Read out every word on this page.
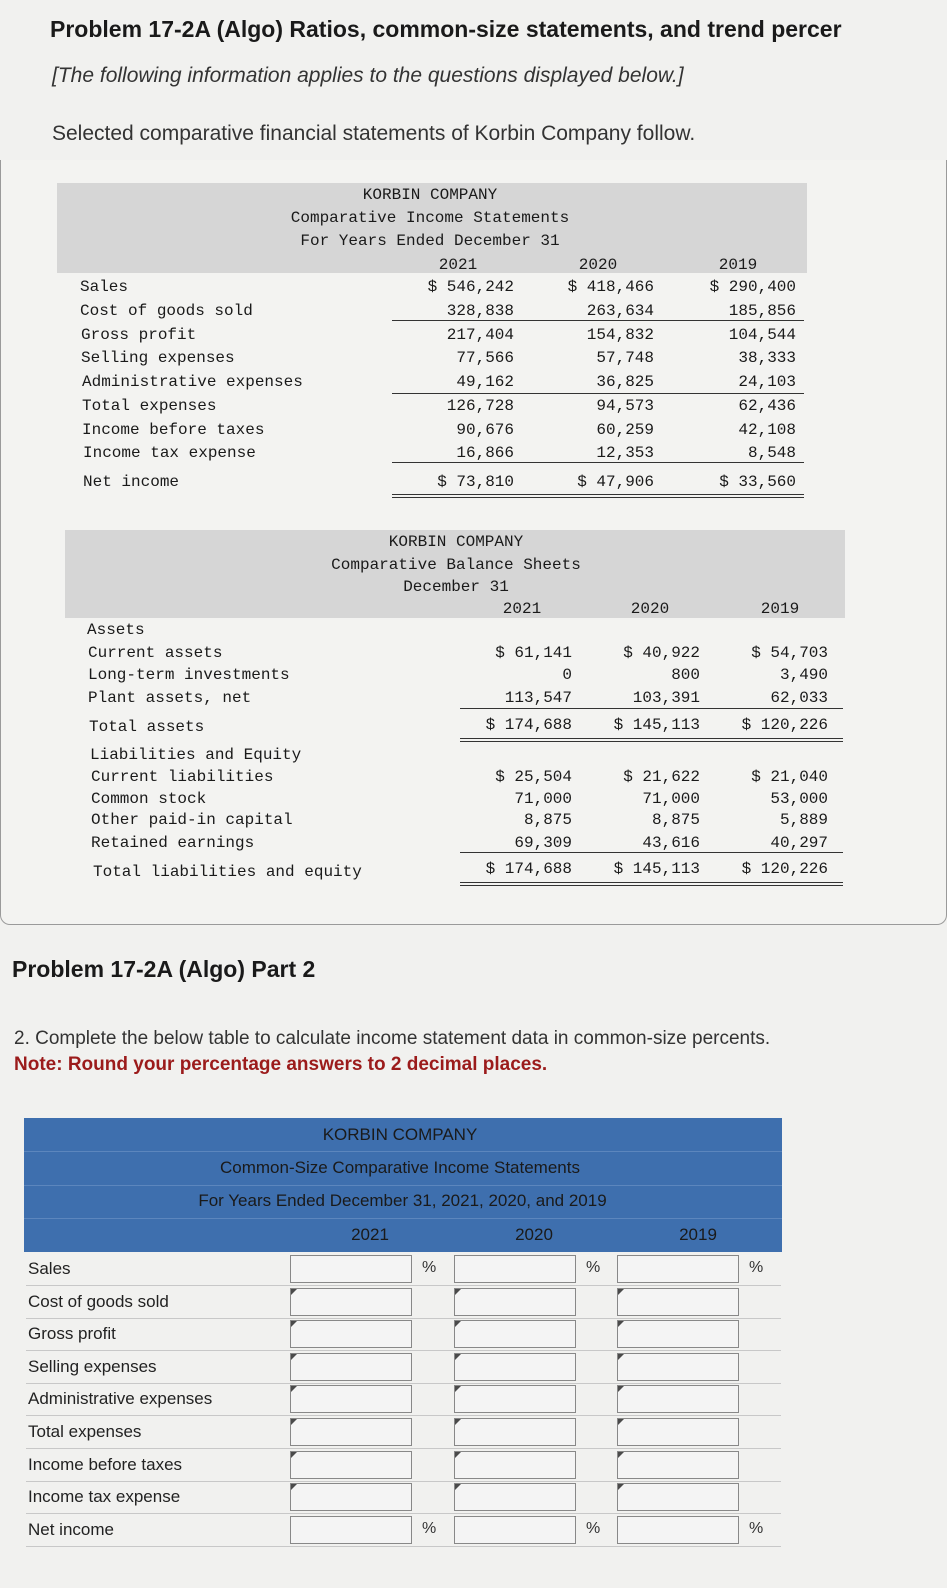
Problem 17-2A (Algo) Ratios, common-size statements, and trend percer
[The following information applies to the questions displayed below.]
Selected comparative financial statements of Korbin Company follow.
KORBIN COMPANY
Comparative Income Statements
For Years Ended December 31
2021	2020	2019
Sales	$ 546,242	$ 418,466	$ 290,400
Cost of goods sold	328,838	263,634	185,856
Gross profit	217,404	154,832	104,544
Selling expenses	77,566	57,748	38,333
Administrative expenses	49,162	36,825	24,103
Total expenses	126,728	94,573	62,436
Income before taxes	90,676	60,259	42,108
Income tax expense	16,866	12,353	8,548
Net income	$ 73,810	$ 47,906	$ 33,560
KORBIN COMPANY
Comparative Balance Sheets
December 31
2021	2020	2019
Assets
Current assets	$ 61,141	$ 40,922	$ 54,703
Long-term investments	0	800	3,490
Plant assets, net	113,547	103,391	62,033
Total assets	$ 174,688	$ 145,113	$ 120,226
Liabilities and Equity
Current liabilities	$ 25,504	$ 21,622	$ 21,040
Common stock	71,000	71,000	53,000
Other paid-in capital	8,875	8,875	5,889
Retained earnings	69,309	43,616	40,297
Total liabilities and equity	$ 174,688	$ 145,113	$ 120,226
Problem 17-2A (Algo) Part 2
2. Complete the below table to calculate income statement data in common-size percents.
Note: Round your percentage answers to 2 decimal places.
KORBIN COMPANY
Common-Size Comparative Income Statements
For Years Ended December 31, 2021, 2020, and 2019
2021	2020	2019
Sales	%	%	%
Cost of goods sold
Gross profit
Selling expenses
Administrative expenses
Total expenses
Income before taxes
Income tax expense
Net income	%	%	%
